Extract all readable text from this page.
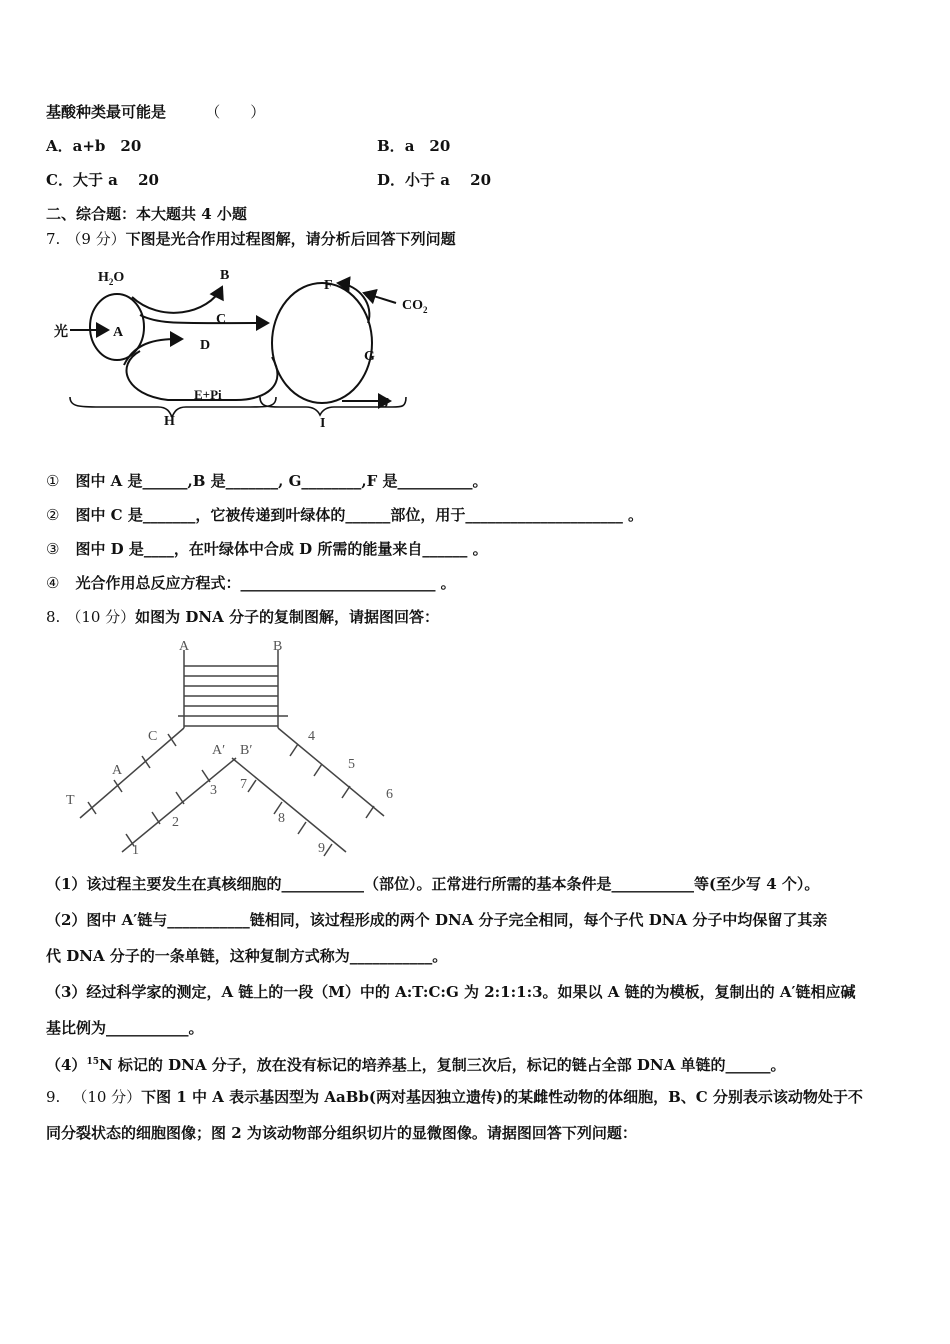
基酸种类最可能是	（　　）
A．a+b　20	B．a　20
C．大于 a　 20	D．小于 a　 20
二、综合题：本大题共 4 小题
7. （9 分）下图是光合作用过程图解，请分析后回答下列问题
$H_2O$	B
光	A
C
D
E+Pi
H
F
$CO_2$
G
J
I
① 图中 A 是______,B 是_______, G________,F 是__________。
② 图中 C 是_______，它被传递到叶绿体的______部位，用于_____________________ 。
③ 图中 D 是____，在叶绿体中合成 D 所需的能量来自______ 。
④ 光合作用总反应方程式：__________________________ 。
8. （10 分）如图为 DNA 分子的复制图解，请据图回答：
A	B
C
A
T
A′ B′
1
2
3
4
5
6
7
8
9
（1）该过程主要发生在真核细胞的___________（部位）。正常进行所需的基本条件是___________等(至少写 4 个）。
（2）图中 A′链与___________链相同，该过程形成的两个 DNA 分子完全相同，每个子代 DNA 分子中均保留了其亲
代 DNA 分子的一条单链，这种复制方式称为___________。
（3）经过科学家的测定，A 链上的一段（M）中的 A:T:C:G 为 2:1:1:3。如果以 A 链的为模板，复制出的 A′链相应碱
基比例为___________。
$(4)^{15}N$ 标记的 DNA 分子，放在没有标记的培养基上，复制三次后，标记的链占全部 DNA 单链的______。
9. （10 分）下图 1 中 A 表示基因型为 AaBb(两对基因独立遗传)的某雌性动物的体细胞，B、C 分别表示该动物处于不
同分裂状态的细胞图像；图 2 为该动物部分组织切片的显微图像。请据图回答下列问题：
